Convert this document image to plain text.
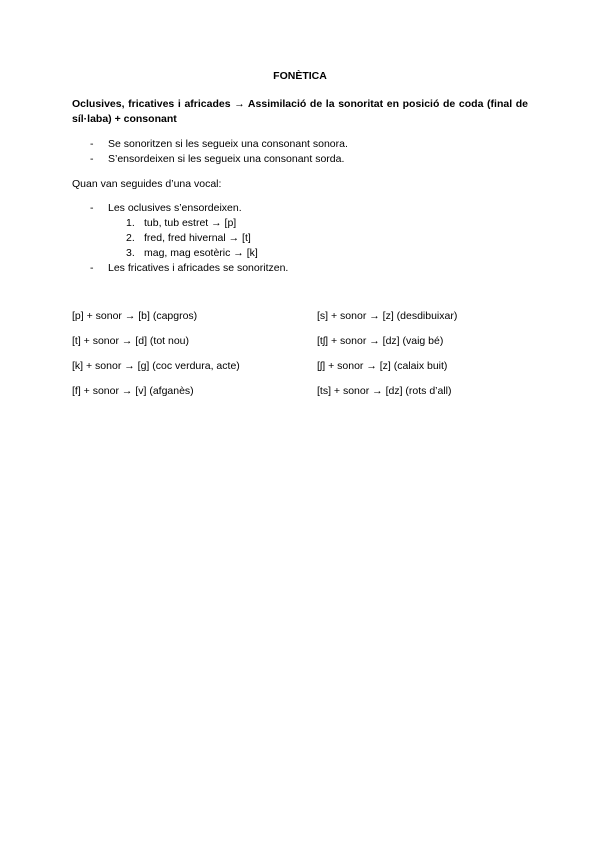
FONÈTICA
Oclusives, fricatives i africades → Assimilació de la sonoritat en posició de coda (final de síl·laba) + consonant
- Se sonoritzen si les segueix una consonant sonora.
- S’ensordeixen si les segueix una consonant sorda.
Quan van seguides d’una vocal:
- Les oclusives s’ensordeixen.
1. tub, tub estret → [p]
2. fred, fred hivernal → [t]
3. mag, mag esotèric → [k]
- Les fricatives i africades se sonoritzen.
[p] + sonor → [b] (capgros)
[t] + sonor → [d] (tot nou)
[k] + sonor → [g] (coc verdura, acte)
[f] + sonor → [v] (afganès)
[s] + sonor → [z] (desdibuixar)
[tʃ] + sonor → [dz] (vaig bé)
[ʃ] + sonor → [z] (calaix buit)
[ts] + sonor → [dz] (rots d’all)
